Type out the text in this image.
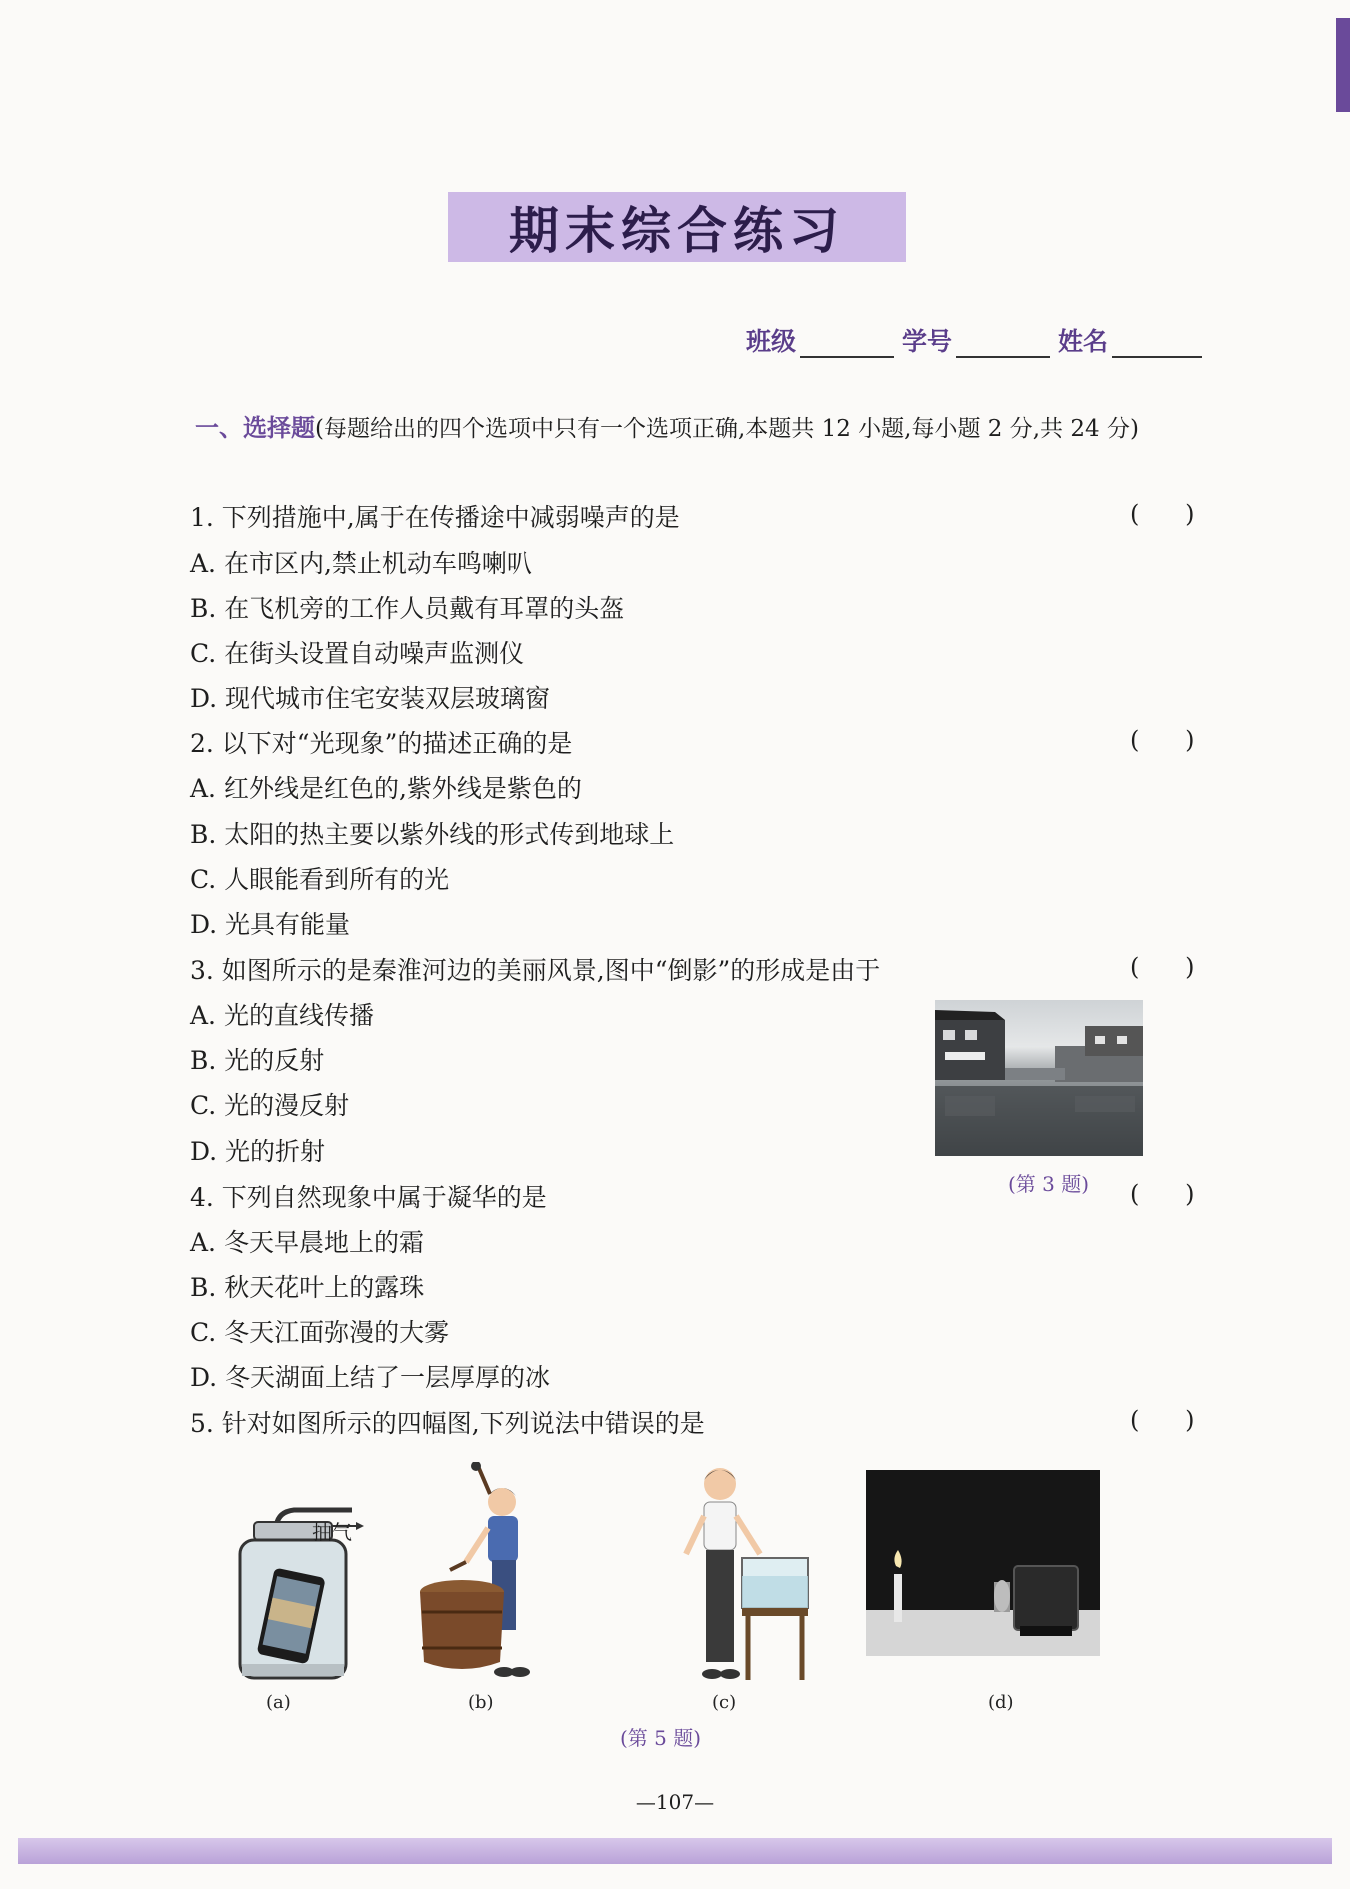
期末综合练习
班级	学号	姓名
一、选择题(每题给出的四个选项中只有一个选项正确,本题共 12 小题,每小题 2 分,共 24 分)
1. 下列措施中,属于在传播途中减弱噪声的是	(      )
A. 在市区内,禁止机动车鸣喇叭
B. 在飞机旁的工作人员戴有耳罩的头盔
C. 在街头设置自动噪声监测仪
D. 现代城市住宅安装双层玻璃窗
2. 以下对“光现象”的描述正确的是	(      )
A. 红外线是红色的,紫外线是紫色的
B. 太阳的热主要以紫外线的形式传到地球上
C. 人眼能看到所有的光
D. 光具有能量
3. 如图所示的是秦淮河边的美丽风景,图中“倒影”的形成是由于	(      )
A. 光的直线传播
B. 光的反射
C. 光的漫反射
D. 光的折射
(第 3 题)
4. 下列自然现象中属于凝华的是	(      )
A. 冬天早晨地上的霜
B. 秋天花叶上的露珠
C. 冬天江面弥漫的大雾
D. 冬天湖面上结了一层厚厚的冰
5. 针对如图所示的四幅图,下列说法中错误的是	(      )
抽气
(a)	(b)	(c)	(d)
(第 5 题)
—107—
